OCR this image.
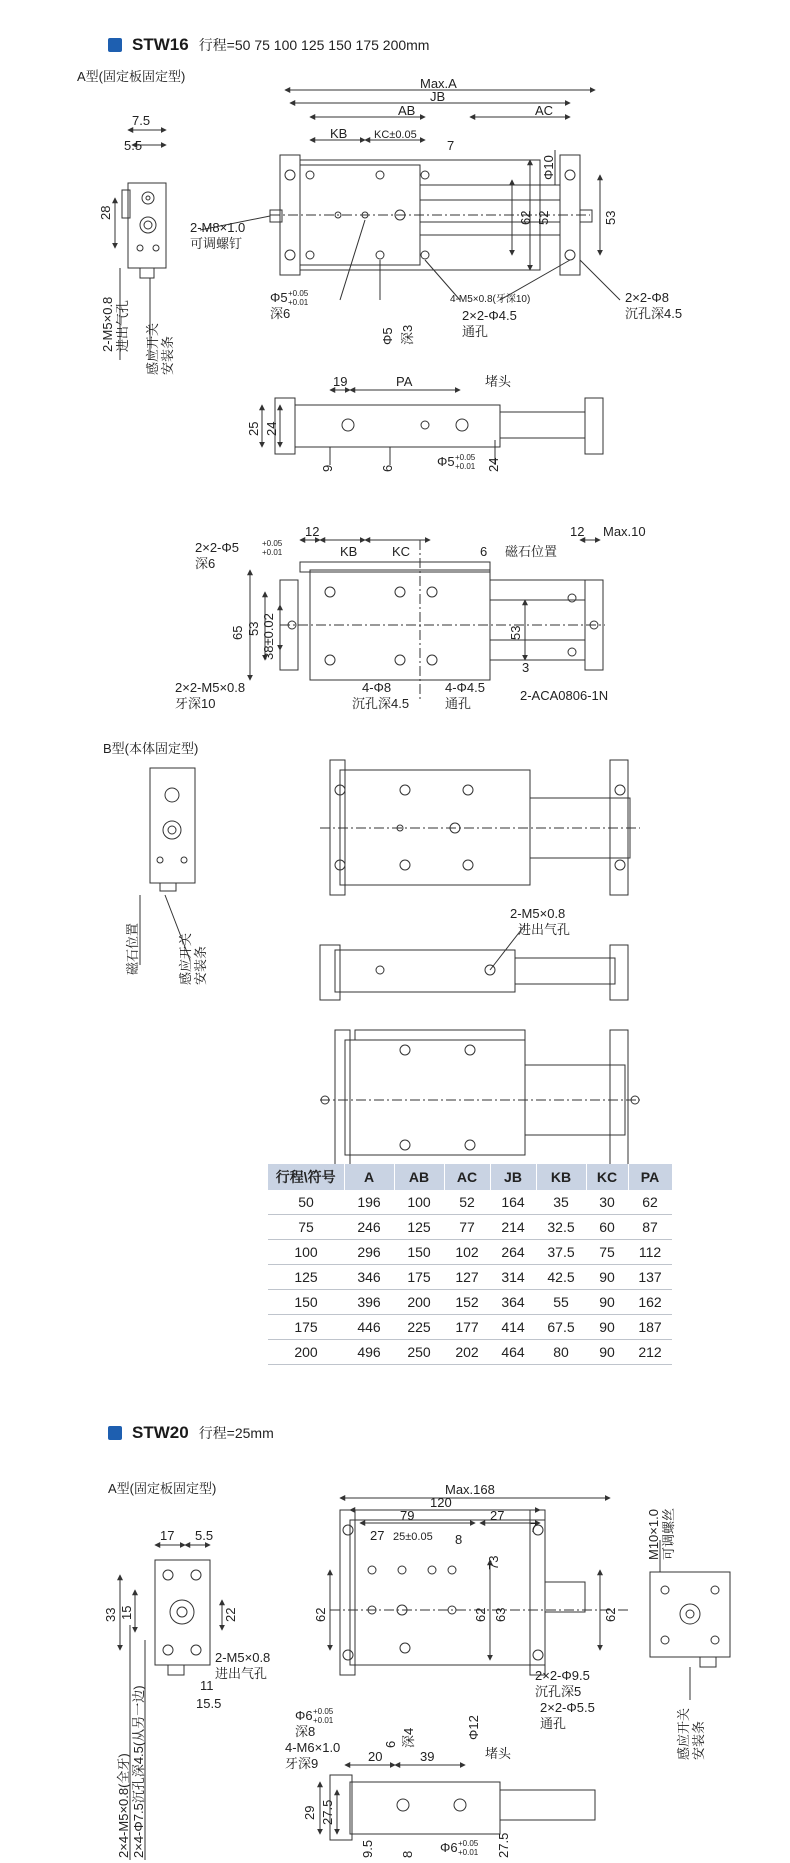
STW16 行程=50 75 100 125 150 175 200mm
A型(固定板固定型)
B型(本体固定型)
STW20 行程=25mm
A型(固定板固定型)
7.5
5.5
28
2-M5×0.8 进出气孔 感应开关 安装条
Max.A
JB
AB	AC
KB KC±0.05
7
Φ10
62 52	53
2-M8×1.0
可调螺钉
Φ5 +0.05
+0.01
深6
Φ5 深3
4-M5×0.8(牙深10)
2×2-Φ4.5
通孔
2×2-Φ8
沉孔深4.5
19	PA	堵头
25 24
9	6	Φ5 +0.05
+0.01 24
12
KB	KC	6 磁石位置
12 Max.10
2×2-Φ5	+0.05
+0.01
深6
65 53 38±0.02	53
3
2×2-M5×0.8
牙深10
4-Φ8
沉孔深4.5
4-Φ4.5
通孔
2-ACA0806-1N
磁石位置	感应开关 安装条
2-M5×0.8
进出气孔
17 5.5
33 15	22
11
15.5
2-M5×0.8
进出气孔
2×4-M5×0.8(全牙) 2×4-Φ7.5沉孔深4.5(从另一边)
Max.168
120
79
27 25±0.05 8
27
7
73
62	62 63	62
2×2-Φ9.5
沉孔深5
2×2-Φ5.5
通孔
Φ6 +0.05
+0.01
深8
4-M6×1.0
牙深9
6 深4	Φ12
M10×1.0 可调螺丝
感应开关 安装条
20	39	堵头
29 27.5
9.5 8 Φ6 +0.05
+0.01 27.5
行程\符号	A	AB	AC	JB	KB	KC	PA
50	196	100	52	164	35	30	62
75	246	125	77	214	32.5	60	87
100	296	150	102	264	37.5	75	112
125	346	175	127	314	42.5	90	137
150	396	200	152	364	55	90	162
175	446	225	177	414	67.5	90	187
200	496	250	202	464	80	90	212
